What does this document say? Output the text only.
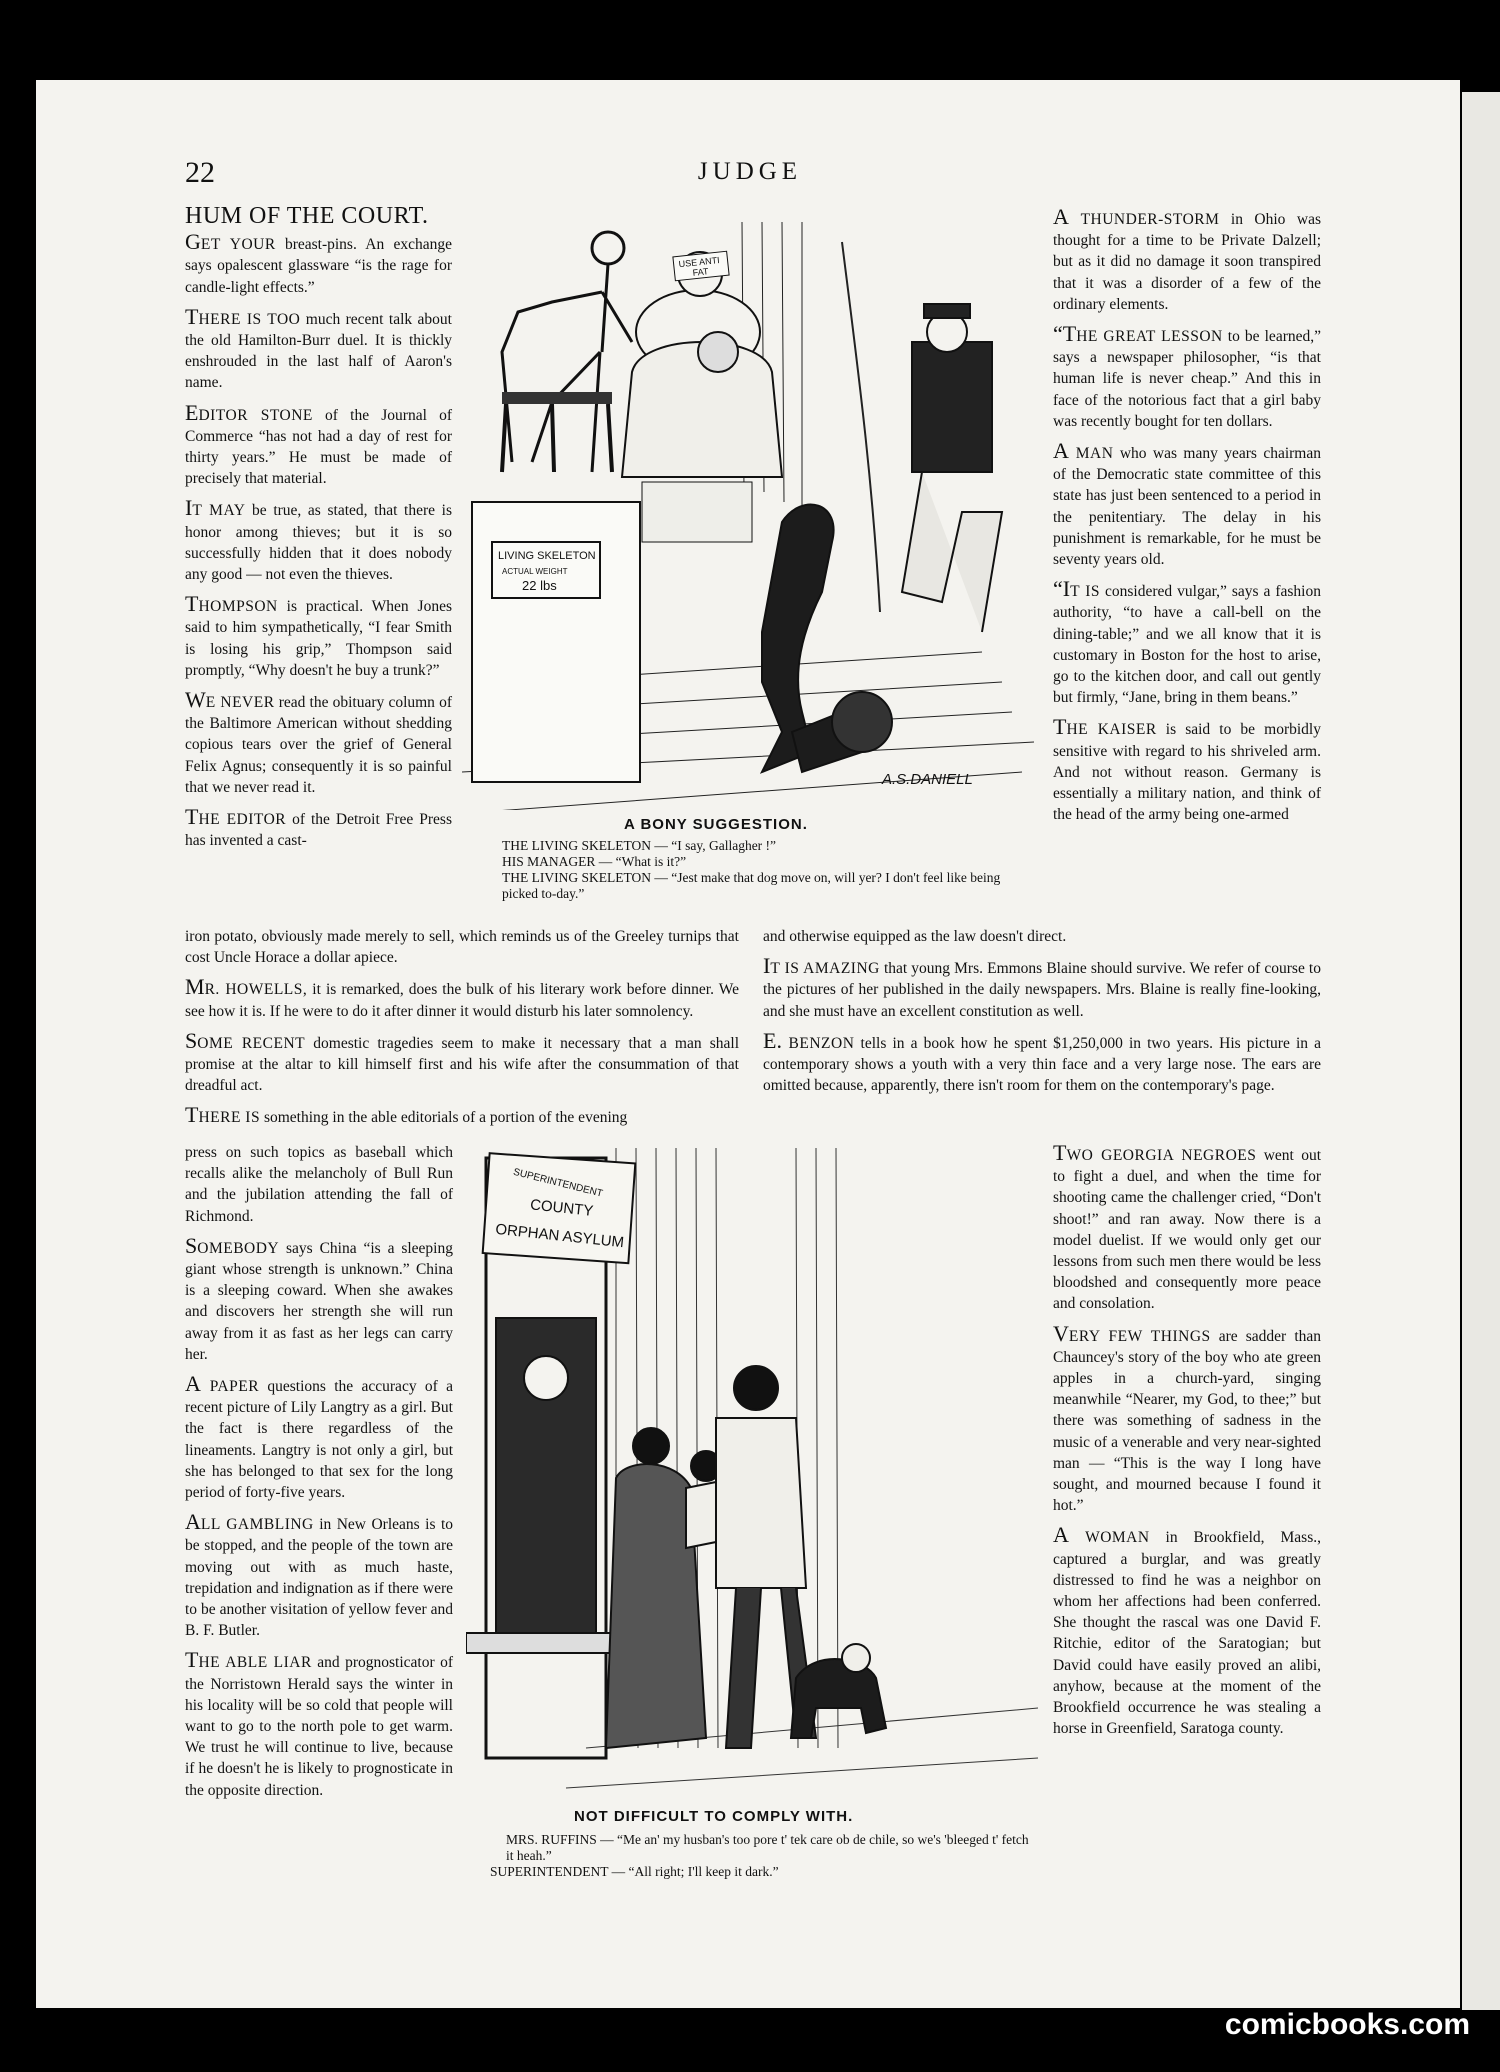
22	JUDGE
HUM OF THE COURT.

GET YOUR breast-pins. An exchange says opalescent glassware “is the rage for candle-light effects.”

THERE IS TOO much recent talk about the old Hamilton-Burr duel. It is thickly enshrouded in the last half of Aaron's name.

EDITOR STONE of the Journal of Commerce “has not had a day of rest for thirty years.” He must be made of precisely that material.

IT MAY be true, as stated, that there is honor among thieves; but it is so successfully hidden that it does nobody any good — not even the thieves.

THOMPSON is practical. When Jones said to him sympathetically, “I fear Smith is losing his grip,” Thompson said promptly, “Why doesn't he buy a trunk?”

WE NEVER read the obituary column of the Baltimore American without shedding copious tears over the grief of General Felix Agnus; consequently it is so painful that we never read it.

THE EDITOR of the Detroit Free Press has invented a cast-

A THUNDER-STORM in Ohio was thought for a time to be Private Dalzell; but as it did no damage it soon transpired that it was a disorder of a few of the ordinary elements.

“THE GREAT LESSON to be learned,” says a newspaper philosopher, “is that human life is never cheap.” And this in face of the notorious fact that a girl baby was recently bought for ten dollars.

A MAN who was many years chairman of the Democratic state committee of this state has just been sentenced to a period in the penitentiary. The delay in his punishment is remarkable, for he must be seventy years old.

“IT IS considered vulgar,” says a fashion authority, “to have a call-bell on the dining-table;” and we all know that it is customary in Boston for the host to arise, go to the kitchen door, and call out gently but firmly, “Jane, bring in them beans.”

THE KAISER is said to be morbidly sensitive with regard to his shriveled arm. And not without reason. Germany is essentially a military nation, and think of the head of the army being one-armed

iron potato, obviously made merely to sell, which reminds us of the Greeley turnips that cost Uncle Horace a dollar apiece.

MR. HOWELLS, it is remarked, does the bulk of his literary work before dinner. We see how it is. If he were to do it after dinner it would disturb his later somnolency.

SOME RECENT domestic tragedies seem to make it necessary that a man shall promise at the altar to kill himself first and his wife after the consummation of that dreadful act.

THERE IS something in the able editorials of a portion of the evening

and otherwise equipped as the law doesn't direct.

IT IS AMAZING that young Mrs. Emmons Blaine should survive. We refer of course to the pictures of her published in the daily newspapers. Mrs. Blaine is really fine-looking, and she must have an excellent constitution as well.

E. BENZON tells in a book how he spent $1,250,000 in two years. His picture in a contemporary shows a youth with a very thin face and a very large nose. The ears are omitted because, apparently, there isn't room for them on the contemporary's page.

press on such topics as baseball which recalls alike the melancholy of Bull Run and the jubilation attending the fall of Richmond.

SOMEBODY says China “is a sleeping giant whose strength is unknown.” China is a sleeping coward. When she awakes and discovers her strength she will run away from it as fast as her legs can carry her.

A PAPER questions the accuracy of a recent picture of Lily Langtry as a girl. But the fact is there regardless of the lineaments. Langtry is not only a girl, but she has belonged to that sex for the long period of forty-five years.

ALL GAMBLING in New Orleans is to be stopped, and the people of the town are moving out with as much haste, trepidation and indignation as if there were to be another visitation of yellow fever and B. F. Butler.

THE ABLE LIAR and prognosticator of the Norristown Herald says the winter in his locality will be so cold that people will want to go to the north pole to get warm. We trust he will continue to live, because if he doesn't he is likely to prognosticate in the opposite direction.

TWO GEORGIA NEGROES went out to fight a duel, and when the time for shooting came the challenger cried, “Don't shoot!” and ran away. Now there is a model duelist. If we would only get our lessons from such men there would be less bloodshed and consequently more peace and consolation.

VERY FEW THINGS are sadder than Chauncey's story of the boy who ate green apples in a church-yard, singing meanwhile “Nearer, my God, to thee;” but there was something of sadness in the music of a venerable and very near-sighted man — “This is the way I long have sought, and mourned because I found it hot.”

A WOMAN in Brookfield, Mass., captured a burglar, and was greatly distressed to find he was a neighbor on whom her affections had been conferred. She thought the rascal was one David F. Ritchie, editor of the Saratogian; but David could have easily proved an alibi, anyhow, because at the moment of the Brookfield occurrence he was stealing a horse in Greenfield, Saratoga county.

USE ANTI
FAT
LIVING SKELETON
ACTUAL WEIGHT
22 lbs
A.S.DANIELL
A BONY SUGGESTION.
THE LIVING SKELETON — “I say, Gallagher !”
HIS MANAGER — “What is it?”
THE LIVING SKELETON — “Jest make that dog move on, will yer? I don't feel like being picked to-day.”
SUPERINTENDENT
COUNTY
ORPHAN ASYLUM
NOT DIFFICULT TO COMPLY WITH.
MRS. RUFFINS — “Me an' my husban's too pore t' tek care ob de chile, so we's 'bleeged t' fetch it heah.”
SUPERINTENDENT — “All right; I'll keep it dark.”
comicbooks.com
